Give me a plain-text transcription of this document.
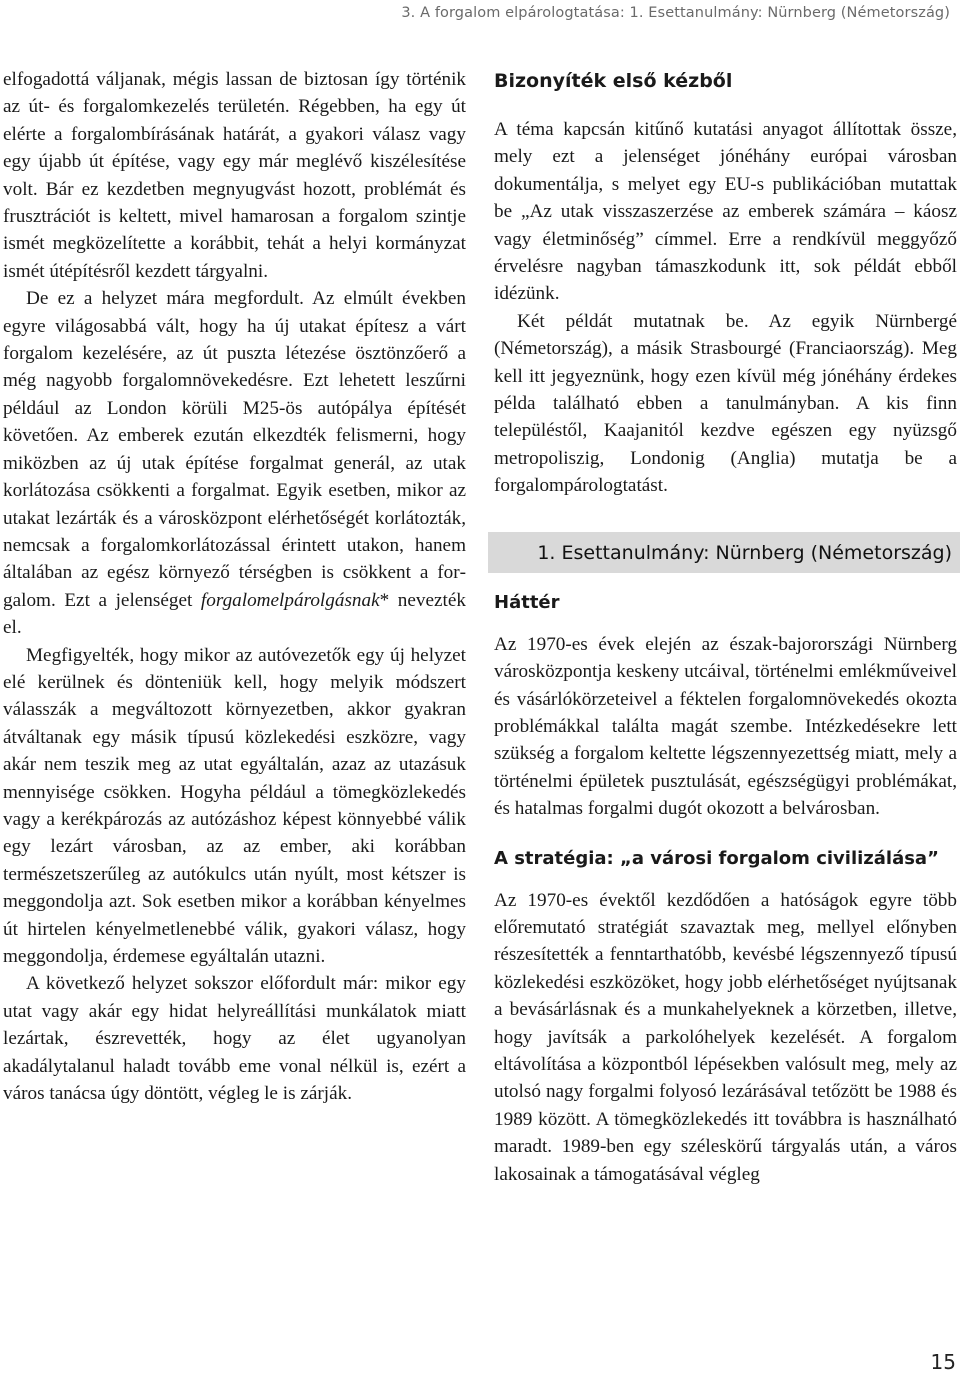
3. A forgalom elpárologtatása: 1. Esettanulmány: Nürnberg (Németország)

elfogadottá váljanak, mégis lassan de biztosan így történik az út- és forgalomkezelés területén. Régebben, ha egy út elérte a forgalombírásának határát, a gyakori válasz vagy egy újabb út építése, vagy egy már meglévő kiszélesítése volt. Bár ez kezdetben megnyugvást hozott, problémát és frusztrációt is keltett, mivel hamarosan a forgalom szintje ismét megközelítette a korábbit, tehát a helyi kormányzat ismét útépítésről kezdett tárgyalni.

De ez a helyzet mára megfordult. Az elmúlt években egyre világosabbá vált, hogy ha új utakat építesz a várt forgalom kezelésére, az út puszta létezése ösztönzőerő a még nagyobb forgalomnövekedésre. Ezt lehetett leszűrni például az London körüli M25-ös autópálya építését követően. Az emberek ezután elkezdték felismerni, hogy miközben az új utak építése forgalmat generál, az utak korlátozása csökkenti a forgalmat. Egyik esetben, mikor az utakat lezárták és a városközpont elérhetőségét korlátozták, nemcsak a forgalomkorlátozással érintett utakon, hanem általában az egész környező térségben is csökkent a forgalom. Ezt a jelenséget forgalomelpárolgásnak* nevezték el.

Megfigyelték, hogy mikor az autóvezetők egy új helyzet elé kerülnek és dönteniük kell, hogy melyik módszert válasszák a megváltozott környezetben, akkor gyakran átváltanak egy másik típusú közlekedési eszközre, vagy akár nem teszik meg az utat egyáltalán, azaz az utazásuk mennyisége csökken. Hogyha például a tömegközlekedés vagy a kerékpározás az autózáshoz képest könnyebbé válik egy lezárt városban, az az ember, aki korábban természetszerűleg az autókulcs után nyúlt, most kétszer is meggondolja azt. Sok esetben mikor a korábban kényelmes út hirtelen kényelmetlenebbé válik, gyakori válasz, hogy meggondolja, érdemese egyáltalán utazni.

A következő helyzet sokszor előfordult már: mikor egy utat vagy akár egy hidat helyreállítási munkálatok miatt lezártak, észrevették, hogy az élet ugyanolyan akadálytalanul haladt tovább eme vonal nélkül is, ezért a város tanácsa úgy döntött, végleg le is zárják.

Bizonyíték első kézből

A téma kapcsán kitűnő kutatási anyagot állítottak össze, mely ezt a jelenséget jónéhány európai városban dokumentálja, s melyet egy EU-s publikációban mutattak be „Az utak visszaszerzése az emberek számára – káosz vagy életminőség” címmel. Erre a rendkívül meggyőző érvelésre nagyban támaszkodunk itt, sok példát ebből idézünk.

Két példát mutatnak be. Az egyik Nürnbergé (Németország), a másik Strasbourgé (Franciaország). Meg kell itt jegyeznünk, hogy ezen kívül még jónéhány érdekes példa található ebben a tanulmányban. A kis finn településtől, Kaajanitól kezdve egészen egy nyüzsgő metropoliszig, Londonig (Anglia) mutatja be a forgalompárologtatást.

1. Esettanulmány: Nürnberg (Németország)
Háttér

Az 1970-es évek elején az észak-bajorországi Nürnberg városközpontja keskeny utcáival, történelmi emlékműveivel és vásárlókörzeteivel a féktelen forgalomnövekedés okozta problémákkal találta magát szembe. Intézkedésekre lett szükség a forgalom keltette légszennyezettség miatt, mely a történelmi épületek pusztulását, egészségügyi problémákat, és hatalmas forgalmi dugót okozott a belvárosban.

A stratégia: „a városi forgalom civilizálása”

Az 1970-es évektől kezdődően a hatóságok egyre több előremutató stratégiát szavaztak meg, mellyel előnyben részesítették a fenntarthatóbb, kevésbé légszennyező típusú közlekedési eszközöket, hogy jobb elérhetőséget nyújtsanak a bevásárlásnak és a munkahelyeknek a körzetben, illetve, hogy javítsák a parkolóhelyek kezelését. A forgalom eltávolítása a központból lépésekben valósult meg, mely az utolsó nagy forgalmi folyosó lezárásával tetőzött be 1988 és 1989 között. A tömegközlekedés itt továbbra is használható maradt. 1989-ben egy széleskörű tárgyalás után, a város lakosainak a támogatásával végleg

15
